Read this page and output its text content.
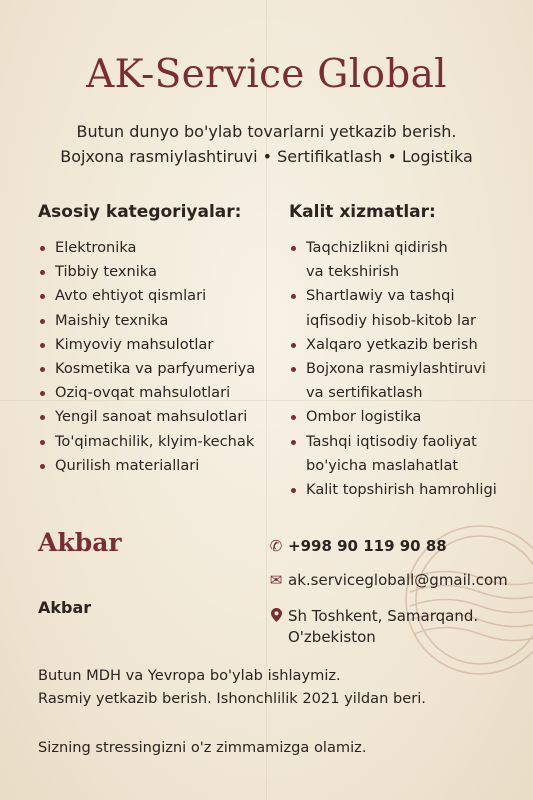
AK-Service Global
Butun dunyo bo'ylab tovarlarni yetkazib berish.
Bojxona rasmiylashtiruvi • Sertifikatlash • Logistika
Asosiy kategoriyalar:	Kalit xizmatlar:
Elektronika
Tibbiy texnika
Avto ehtiyot qismlari
Maishiy texnika
Kimyoviy mahsulotlar
Kosmetika va parfyumeriya
Oziq-ovqat mahsulotlari
Yengil sanoat mahsulotlari
To'qimachilik, klyim-kechak
Qurilish materiallari
Taqchizlikni qidirish
va tekshirish
Shartlawiy va tashqi
iqfisodiy hisob-kitob lar
Xalqaro yetkazib berish
Bojxona rasmiylashtiruvi
va sertifikatlash
Ombor logistika
Tashqi iqtisodiy faoliyat
bo'yicha maslahatlat
Kalit topshirish hamrohligi
Akbar
Akbar
✆ +998 90 119 90 88
✉ ak.servicegloball@gmail.com
Sh Toshkent, Samarqand.
O'zbekiston
Butun MDH va Yevropa bo'ylab ishlaymiz.
Rasmiy yetkazib berish. Ishonchlilik 2021 yildan beri.
Sizning stressingizni o'z zimmamizga olamiz.
